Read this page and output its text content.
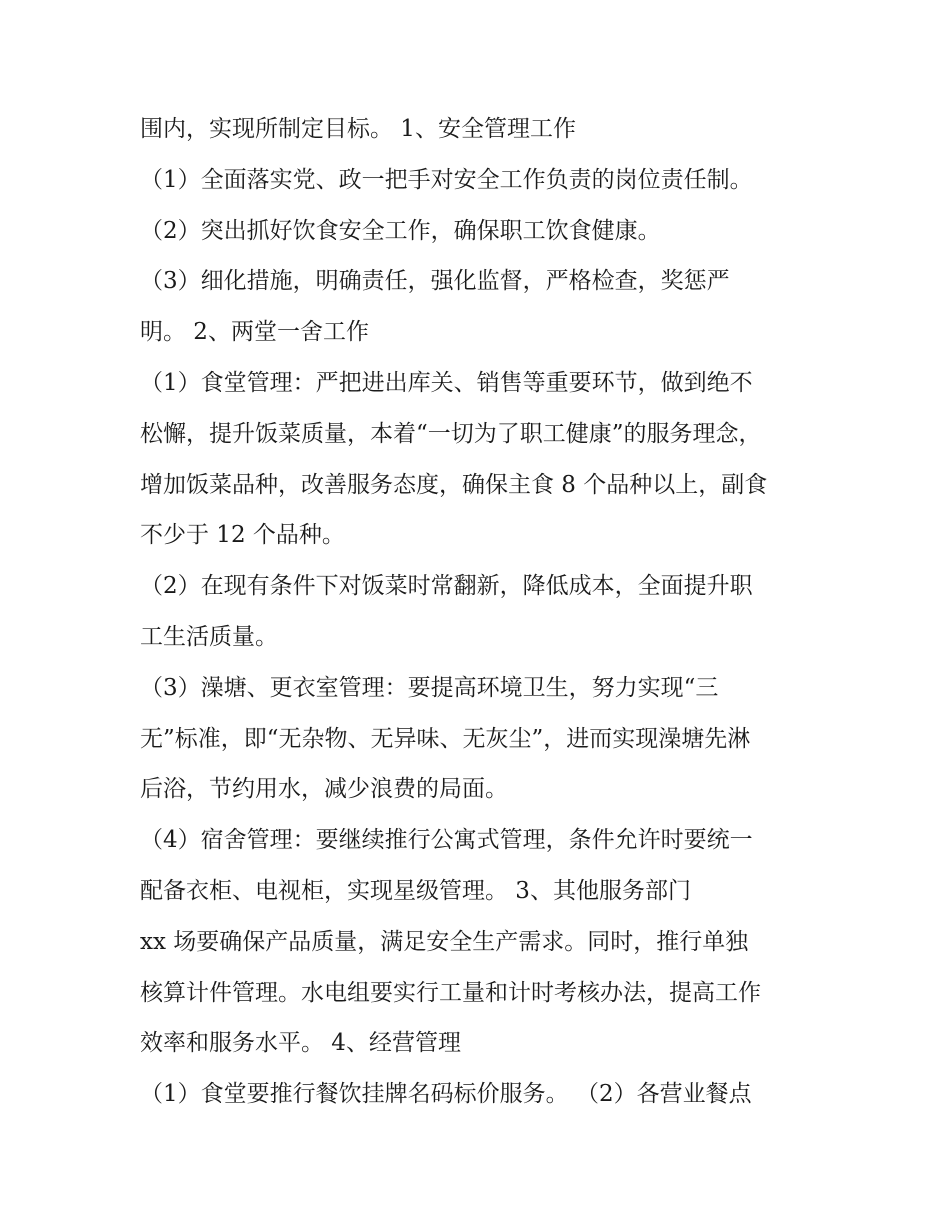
围内，实现所制定目标。 1、安全管理工作
（1）全面落实党、政一把手对安全工作负责的岗位责任制。
（2）突出抓好饮食安全工作，确保职工饮食健康。
（3）细化措施，明确责任，强化监督，严格检查，奖惩严
明。 2、两堂一舍工作
（1）食堂管理：严把进出库关、销售等重要环节，做到绝不
松懈，提升饭菜质量，本着“一切为了职工健康”的服务理念，
增加饭菜品种，改善服务态度，确保主食 8 个品种以上，副食
不少于 12 个品种。
（2）在现有条件下对饭菜时常翻新，降低成本，全面提升职
工生活质量。
（3）澡塘、更衣室管理：要提高环境卫生，努力实现“三
无”标准，即“无杂物、无异味、无灰尘”，进而实现澡塘先淋
后浴，节约用水，减少浪费的局面。
（4）宿舍管理：要继续推行公寓式管理，条件允许时要统一
配备衣柜、电视柜，实现星级管理。 3、其他服务部门
xx 场要确保产品质量，满足安全生产需求。同时，推行单独
核算计件管理。水电组要实行工量和计时考核办法，提高工作
效率和服务水平。 4、经营管理
（1）食堂要推行餐饮挂牌名码标价服务。 （2）各营业餐点
